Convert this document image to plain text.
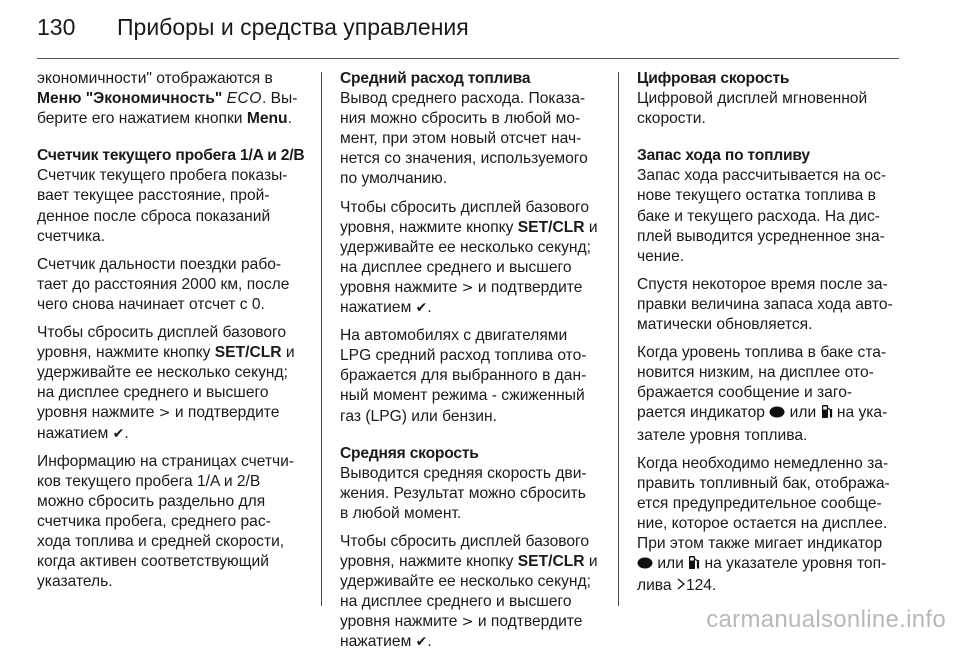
130	Приборы и средства управления

экономичности" отображаются в
Меню "Экономичность" ECO. Вы-
берите его нажатием кнопки Menu.

Счетчик текущего пробега 1/A и 2/B

Счетчик текущего пробега показы-
вает текущее расстояние, прой-
денное после сброса показаний
счетчика.

Счетчик дальности поездки рабо-
тает до расстояния 2000 км, после
чего снова начинает отсчет с 0.

Чтобы сбросить дисплей базового
уровня, нажмите кнопку SET/CLR и
удерживайте ее несколько секунд;
на дисплее среднего и высшего
уровня нажмите > и подтвердите
нажатием ✔.

Информацию на страницах счетчи-
ков текущего пробега 1/A и 2/B
можно сбросить раздельно для
счетчика пробега, среднего рас-
хода топлива и средней скорости,
когда активен соответствующий
указатель.

Средний расход топлива

Вывод среднего расхода. Показа-
ния можно сбросить в любой мо-
мент, при этом новый отсчет нач-
нется со значения, используемого
по умолчанию.

Чтобы сбросить дисплей базового
уровня, нажмите кнопку SET/CLR и
удерживайте ее несколько секунд;
на дисплее среднего и высшего
уровня нажмите > и подтвердите
нажатием ✔.

На автомобилях с двигателями
LPG средний расход топлива ото-
бражается для выбранного в дан-
ный момент режима - сжиженный
газ (LPG) или бензин.

Средняя скорость

Выводится средняя скорость дви-
жения. Результат можно сбросить
в любой момент.

Чтобы сбросить дисплей базового
уровня, нажмите кнопку SET/CLR и
удерживайте ее несколько секунд;
на дисплее среднего и высшего
уровня нажмите > и подтвердите
нажатием ✔.

Цифровая скорость

Цифровой дисплей мгновенной
скорости.

Запас хода по топливу

Запас хода рассчитывается на ос-
нове текущего остатка топлива в
баке и текущего расхода. На дис-
плей выводится усредненное зна-
чение.

Спустя некоторое время после за-
правки величина запаса хода авто-
матически обновляется.

Когда уровень топлива в баке ста-
новится низким, на дисплее ото-
бражается сообщение и заго-
рается индикатор  или  на ука-
зателе уровня топлива.

Когда необходимо немедленно за-
править топливный бак, отобража-
ется предупредительное сообще-
ние, которое остается на дисплее.
При этом также мигает индикатор
или  на указателе уровня топ-
лива 124.

carmanualsonline.info
